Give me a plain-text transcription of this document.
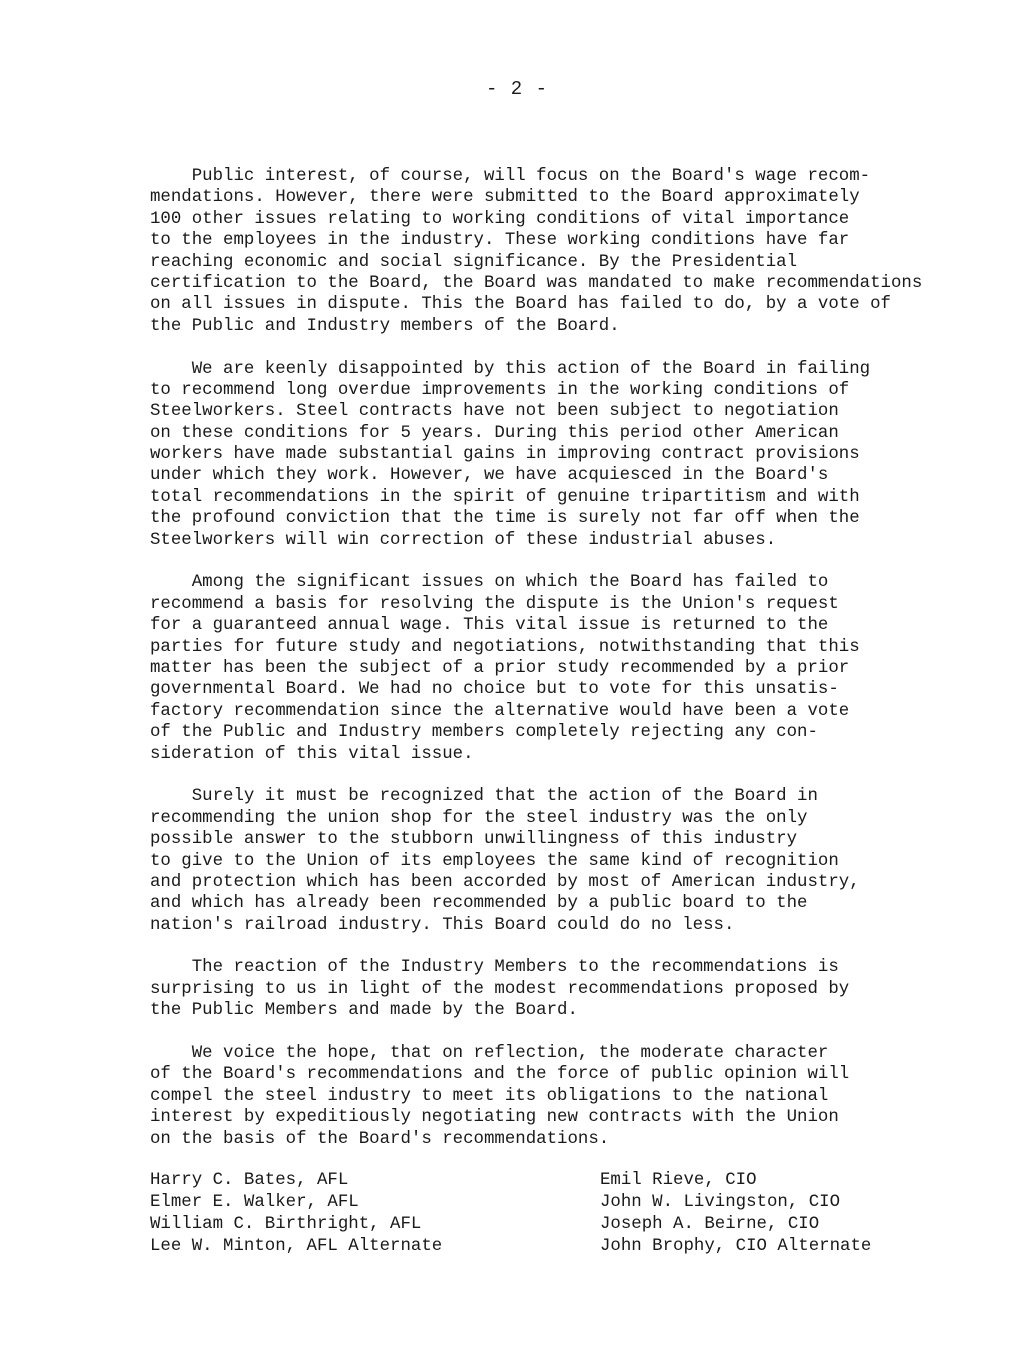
- 2 -
Public interest, of course, will focus on the Board's wage recom-
mendations. However, there were submitted to the Board approximately
100 other issues relating to working conditions of vital importance
to the employees in the industry. These working conditions have far
reaching economic and social significance. By the Presidential
certification to the Board, the Board was mandated to make recommendations
on all issues in dispute. This the Board has failed to do, by a vote of
the Public and Industry members of the Board.
We are keenly disappointed by this action of the Board in failing
to recommend long overdue improvements in the working conditions of
Steelworkers. Steel contracts have not been subject to negotiation
on these conditions for 5 years. During this period other American
workers have made substantial gains in improving contract provisions
under which they work. However, we have acquiesced in the Board's
total recommendations in the spirit of genuine tripartitism and with
the profound conviction that the time is surely not far off when the
Steelworkers will win correction of these industrial abuses.
Among the significant issues on which the Board has failed to
recommend a basis for resolving the dispute is the Union's request
for a guaranteed annual wage. This vital issue is returned to the
parties for future study and negotiations, notwithstanding that this
matter has been the subject of a prior study recommended by a prior
governmental Board. We had no choice but to vote for this unsatis-
factory recommendation since the alternative would have been a vote
of the Public and Industry members completely rejecting any con-
sideration of this vital issue.
Surely it must be recognized that the action of the Board in
recommending the union shop for the steel industry was the only
possible answer to the stubborn unwillingness of this industry
to give to the Union of its employees the same kind of recognition
and protection which has been accorded by most of American industry,
and which has already been recommended by a public board to the
nation's railroad industry. This Board could do no less.
The reaction of the Industry Members to the recommendations is
surprising to us in light of the modest recommendations proposed by
the Public Members and made by the Board.
We voice the hope, that on reflection, the moderate character
of the Board's recommendations and the force of public opinion will
compel the steel industry to meet its obligations to the national
interest by expeditiously negotiating new contracts with the Union
on the basis of the Board's recommendations.
Harry C. Bates, AFL
Elmer E. Walker, AFL
William C. Birthright, AFL
Lee W. Minton, AFL Alternate
Emil Rieve, CIO
John W. Livingston, CIO
Joseph A. Beirne, CIO
John Brophy, CIO Alternate
